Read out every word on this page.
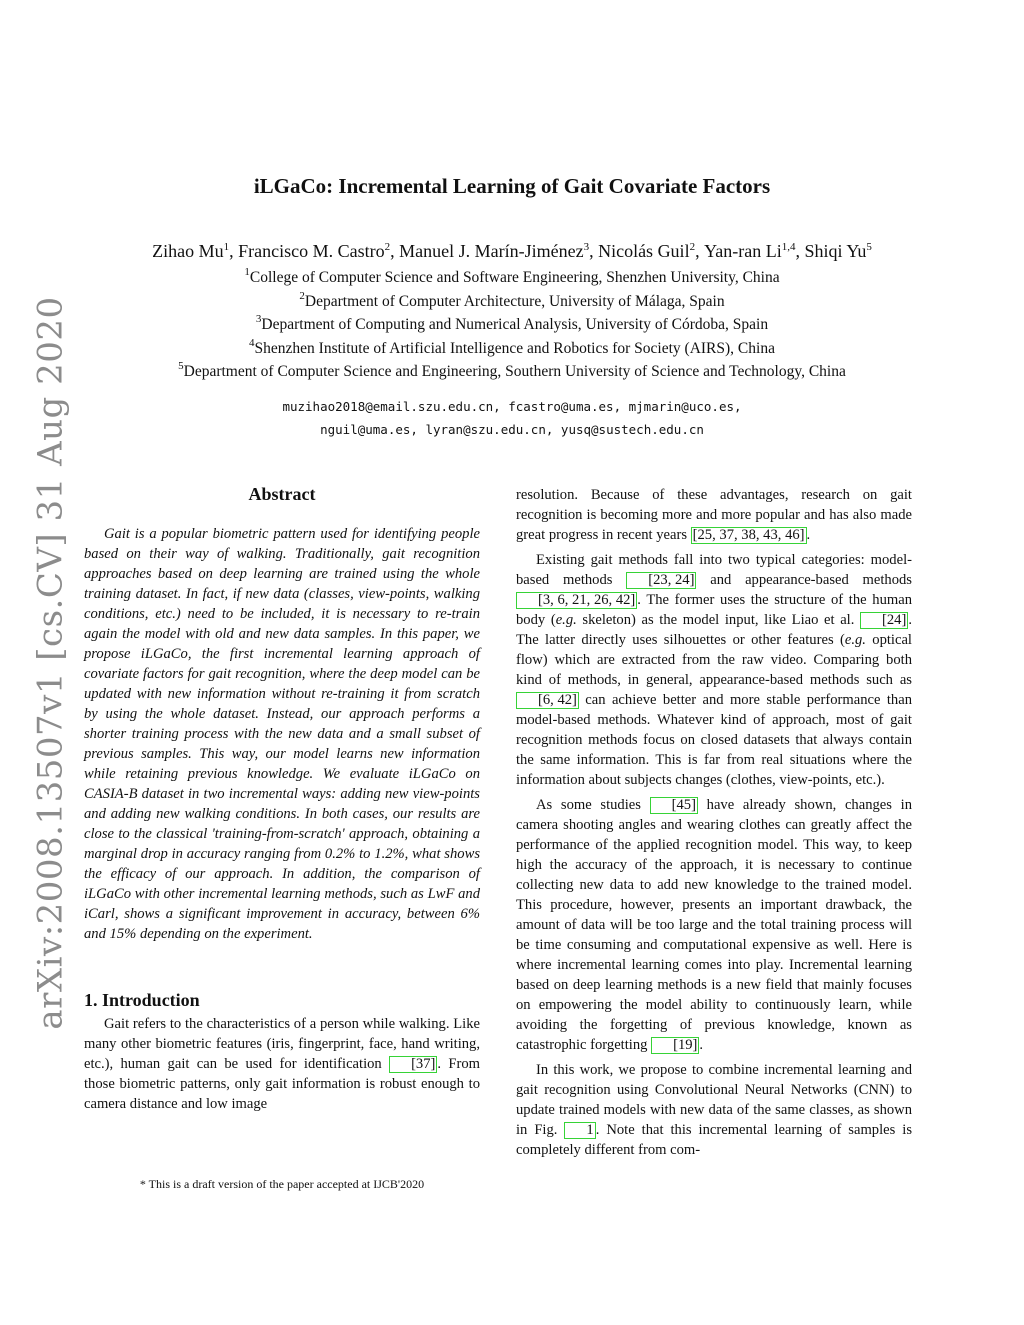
arXiv:2008.13507v1 [cs.CV] 31 Aug 2020
iLGaCo: Incremental Learning of Gait Covariate Factors

Zihao Mu$^1$, Francisco M. Castro$^2$, Manuel J. Marín-Jiménez$^3$, Nicolás Guil$^2$, Yan-ran Li$^{1,4}$, Shiqi Yu$^5$

$^1$College of Computer Science and Software Engineering, Shenzhen University, China

$^2$Department of Computer Architecture, University of Málaga, Spain

$^3$Department of Computing and Numerical Analysis, University of Córdoba, Spain

$^4$Shenzhen Institute of Artificial Intelligence and Robotics for Society (AIRS), China

$^5$Department of Computer Science and Engineering, Southern University of Science and Technology, China

muzihao2018@email.szu.edu.cn, fcastro@uma.es, mjmarin@uco.es,
nguil@uma.es, lyran@szu.edu.cn, yusq@sustech.edu.cn
Abstract

Gait is a popular biometric pattern used for identifying people based on their way of walking. Traditionally, gait recognition approaches based on deep learning are trained using the whole training dataset. In fact, if new data (classes, view-points, walking conditions, etc.) need to be included, it is necessary to re-train again the model with old and new data samples. In this paper, we propose iLGaCo, the first incremental learning approach of covariate factors for gait recognition, where the deep model can be updated with new information without re-training it from scratch by using the whole dataset. Instead, our approach performs a shorter training process with the new data and a small subset of previous samples. This way, our model learns new information while retaining previous knowledge. We evaluate iLGaCo on CASIA-B dataset in two incremental ways: adding new view-points and adding new walking conditions. In both cases, our results are close to the classical 'training-from-scratch' approach, obtaining a marginal drop in accuracy ranging from 0.2% to 1.2%, what shows the efficacy of our approach. In addition, the comparison of iLGaCo with other incremental learning methods, such as LwF and iCarl, shows a significant improvement in accuracy, between 6% and 15% depending on the experiment.

1. Introduction

Gait refers to the characteristics of a person while walking. Like many other biometric features (iris, fingerprint, face, hand writing, etc.), human gait can be used for identification [37] . From those biometric patterns, only gait information is robust enough to camera distance and low image

resolution. Because of these advantages, research on gait recognition is becoming more and more popular and has also made great progress in recent years [25, 37, 38, 43, 46] .

Existing gait methods fall into two typical categories: model-based methods [23, 24] and appearance-based methods [3, 6, 21, 26, 42] . The former uses the structure of the human body (e.g. skeleton) as the model input, like Liao et al. [24] . The latter directly uses silhouettes or other features (e.g. optical flow) which are extracted from the raw video. Comparing both kind of methods, in general, appearance-based methods such as [6, 42] can achieve better and more stable performance than model-based methods. Whatever kind of approach, most of gait recognition methods focus on closed datasets that always contain the same information. This is far from real situations where the information about subjects changes (clothes, view-points, etc.).

As some studies [45] have already shown, changes in camera shooting angles and wearing clothes can greatly affect the performance of the applied recognition model. This way, to keep high the accuracy of the approach, it is necessary to continue collecting new data to add new knowledge to the trained model. This procedure, however, presents an important drawback, the amount of data will be too large and the total training process will be time consuming and computational expensive as well. Here is where incremental learning comes into play. Incremental learning based on deep learning methods is a new field that mainly focuses on empowering the model ability to continuously learn, while avoiding the forgetting of previous knowledge, known as catastrophic forgetting [19] .

In this work, we propose to combine incremental learning and gait recognition using Convolutional Neural Networks (CNN) to update trained models with new data of the same classes, as shown in Fig. 1 . Note that this incremental learning of samples is completely different from com-

* This is a draft version of the paper accepted at IJCB'2020
